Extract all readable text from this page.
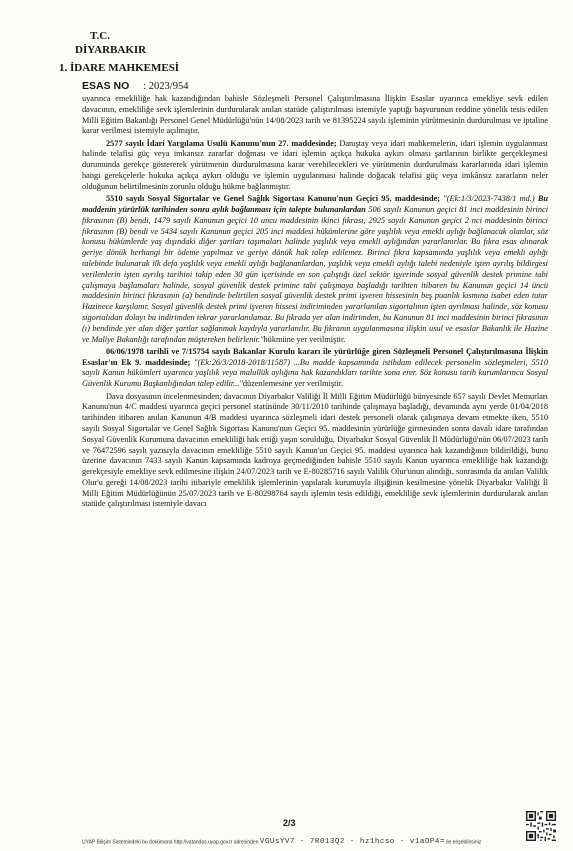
T.C.
DİYARBAKIR
1. İDARE MAHKEMESİ
ESAS NO : 2023/954

uyarınca emekliliğe hak kazandığından bahisle Sözleşmeli Personel Çalıştırılmasına İlişkin Esaslar uyarınca emekliye sevk edilen davacının, emekliliğe sevk işlemlerinin durdurularak anılan statüde çalıştırılması istemiyle yaptığı başvurunun reddine yönelik tesis edilen Milli Eğitim Bakanlığı Personel Genel Müdürlüğü'nün 14/08/2023 tarih ve 81395224 sayılı işleminin yürütmesinin durdurulması ve iptaline karar verilmesi istemiyle açılmıştır.

2577 sayılı İdari Yargılama Usulü Kanunu'nun 27. maddesinde; Danıştay veya idari mahkemelerin, idari işlemin uygulanması halinde telafisi güç veya imkansız zararlar doğması ve idari işlemin açıkça hukuka aykırı olması şartlarının birlikte gerçekleşmesi durumunda gerekçe göstererek yürütmenin durdurulmasına karar verebilecekleri ve yürütmenin durdurulması kararlarında idari işlemin hangi gerekçelerle hukuka açıkça aykırı olduğu ve işlemin uygulanması halinde doğacak telafisi güç veya imkânsız zararların neler olduğunun belirtilmesinin zorunlu olduğu hükme bağlanmıştır.

5510 sayılı Sosyal Sigortalar ve Genel Sağlık Sigortası Kanunu'nun Geçici 95. maddesinde; "(Ek:1/3/2023-7438/1 md.) Bu maddenin yürürlük tarihinden sonra aylık bağlanması için talepte bulunanlardan 506 sayılı Kanunun geçici 81 inci maddesinin birinci fıkrasının (B) bendi, 1479 sayılı Kanunun geçici 10 uncu maddesinin ikinci fıkrası, 2925 sayılı Kanunun geçici 2 nci maddesinin birinci fıkrasının (B) bendi ve 5434 sayılı Kanunun geçici 205 inci maddesi hükümlerine göre yaşlılık veya emekli aylığı bağlanacak olanlar, söz konusu hükümlerde yaş dışındaki diğer şartları taşımaları halinde yaşlılık veya emekli aylığından yararlanırlar. Bu fıkra esas alınarak geriye dönük herhangi bir ödeme yapılmaz ve geriye dönük hak talep edilemez. Birinci fıkra kapsamında yaşlılık veya emekli aylığı talebinde bulunarak ilk defa yaşlılık veya emekli aylığı bağlananlardan, yaşlılık veya emekli aylığı talebi nedeniyle işten ayrılış bildirgesi verilenlerin işten ayrılış tarihini takip eden 30 gün içerisinde en son çalıştığı özel sektör işyerinde sosyal güvenlik destek primine tabi çalışmaya başlamaları halinde, sosyal güvenlik destek primine tabi çalışmaya başladığı tarihten itibaren bu Kanunun geçici 14 üncü maddesinin birinci fıkrasının (a) bendinde belirtilen sosyal güvenlik destek primi işveren hissesinin beş puanlık kısmına isabet eden tutar Hazinece karşılanır. Sosyal güvenlik destek primi işveren hissesi indiriminden yararlanılan sigortalının işten ayrılması halinde, söz konusu sigortalıdan dolayı bu indirimden tekrar yararlanılamaz. Bu fıkrada yer alan indirimden, bu Kanunun 81 inci maddesinin birinci fıkrasının (ı) bendinde yer alan diğer şartlar sağlanmak kaydıyla yararlanılır. Bu fıkranın uygulanmasına ilişkin usul ve esaslar Bakanlık ile Hazine ve Maliye Bakanlığı tarafından müştereken belirlenir."hükmüne yer verilmiştir.

06/06/1978 tarihli ve 7/15754 sayılı Bakanlar Kurulu kararı ile yürürlüğe giren Sözleşmeli Personel Çalıştırılmasına İlişkin Esaslar'ın Ek 9. maddesinde; "(Ek:26/3/2018-2018/11587) ...Bu madde kapsamında istihdam edilecek personelin sözleşmeleri, 5510 sayılı Kanun hükümleri uyarınca yaşlılık veya malullük aylığına hak kazandıkları tarihte sona erer. Söz konusu tarih kurumlarınca Sosyal Güvenlik Kurumu Başkanlığından talep edilir..."düzenlemesine yer verilmiştir.

Dava dosyasının incelenmesinden; davacının Diyarbakır Valiliği İl Milli Eğitim Müdürlüğü bünyesinde 657 sayılı Devlet Memurları Kanunu'nun 4/C maddesi uyarınca geçici personel statüsünde 30/11/2010 tarihinde çalışmaya başladığı, devamında aynı yerde 01/04/2018 tarihinden itibaren anılan Kanunun 4/B maddesi uyarınca sözleşmeli idari destek personeli olarak çalışmaya devam etmekte iken, 5510 sayılı Sosyal Sigortalar ve Genel Sağlık Sigortası Kanunu'nun Geçici 95. maddesinin yürürlüğe girmesinden sonra davalı idare tarafından Sosyal Güvenlik Kurumuna davacının emekliliği hak ettiği yaşın sorulduğu, Diyarbakır Sosyal Güvenlik İl Müdürlüğü'nün 06/07/2023 tarih ve 76472596 sayılı yazısıyla davacının emekliliğe 5510 sayılı Kanun'un Geçici 95. maddesi uyarınca hak kazandığının bildirildiği, bunu üzerine davacının 7433 sayılı Kanun kapsamında kadroya geçmediğinden bahisle 5510 sayılı Kanun uyarınca emekliliğe hak kazandığı gerekçesiyle emekliye sevk edilmesine ilişkin 24/07/2023 tarih ve E-80285716 sayılı Valilik Olur'unun alındığı, sonrasında da anılan Valilik Olur'u gereği 14/08/2023 tarihi itibariyle emeklilik işlemlerinin yapılarak kurumuyla ilişiğinin kesilmesine yönelik Diyarbakır Valiliği İl Milli Eğitim Müdürlüğünün 25/07/2023 tarih ve E-80298764 sayılı işlemin tesis edildiği, emekliliğe sevk işlemlerinin durdurularak anılan statüde çalıştırılması istemiyle davacı

2/3
UYAP Bilişim Sistemindeki bu dokümana http://vatandas.uyap.gov.tr adresinden VGUsYV7 - 7R013Q2 - hz1hcso - v1aOP4= ile erişebilirsiniz
